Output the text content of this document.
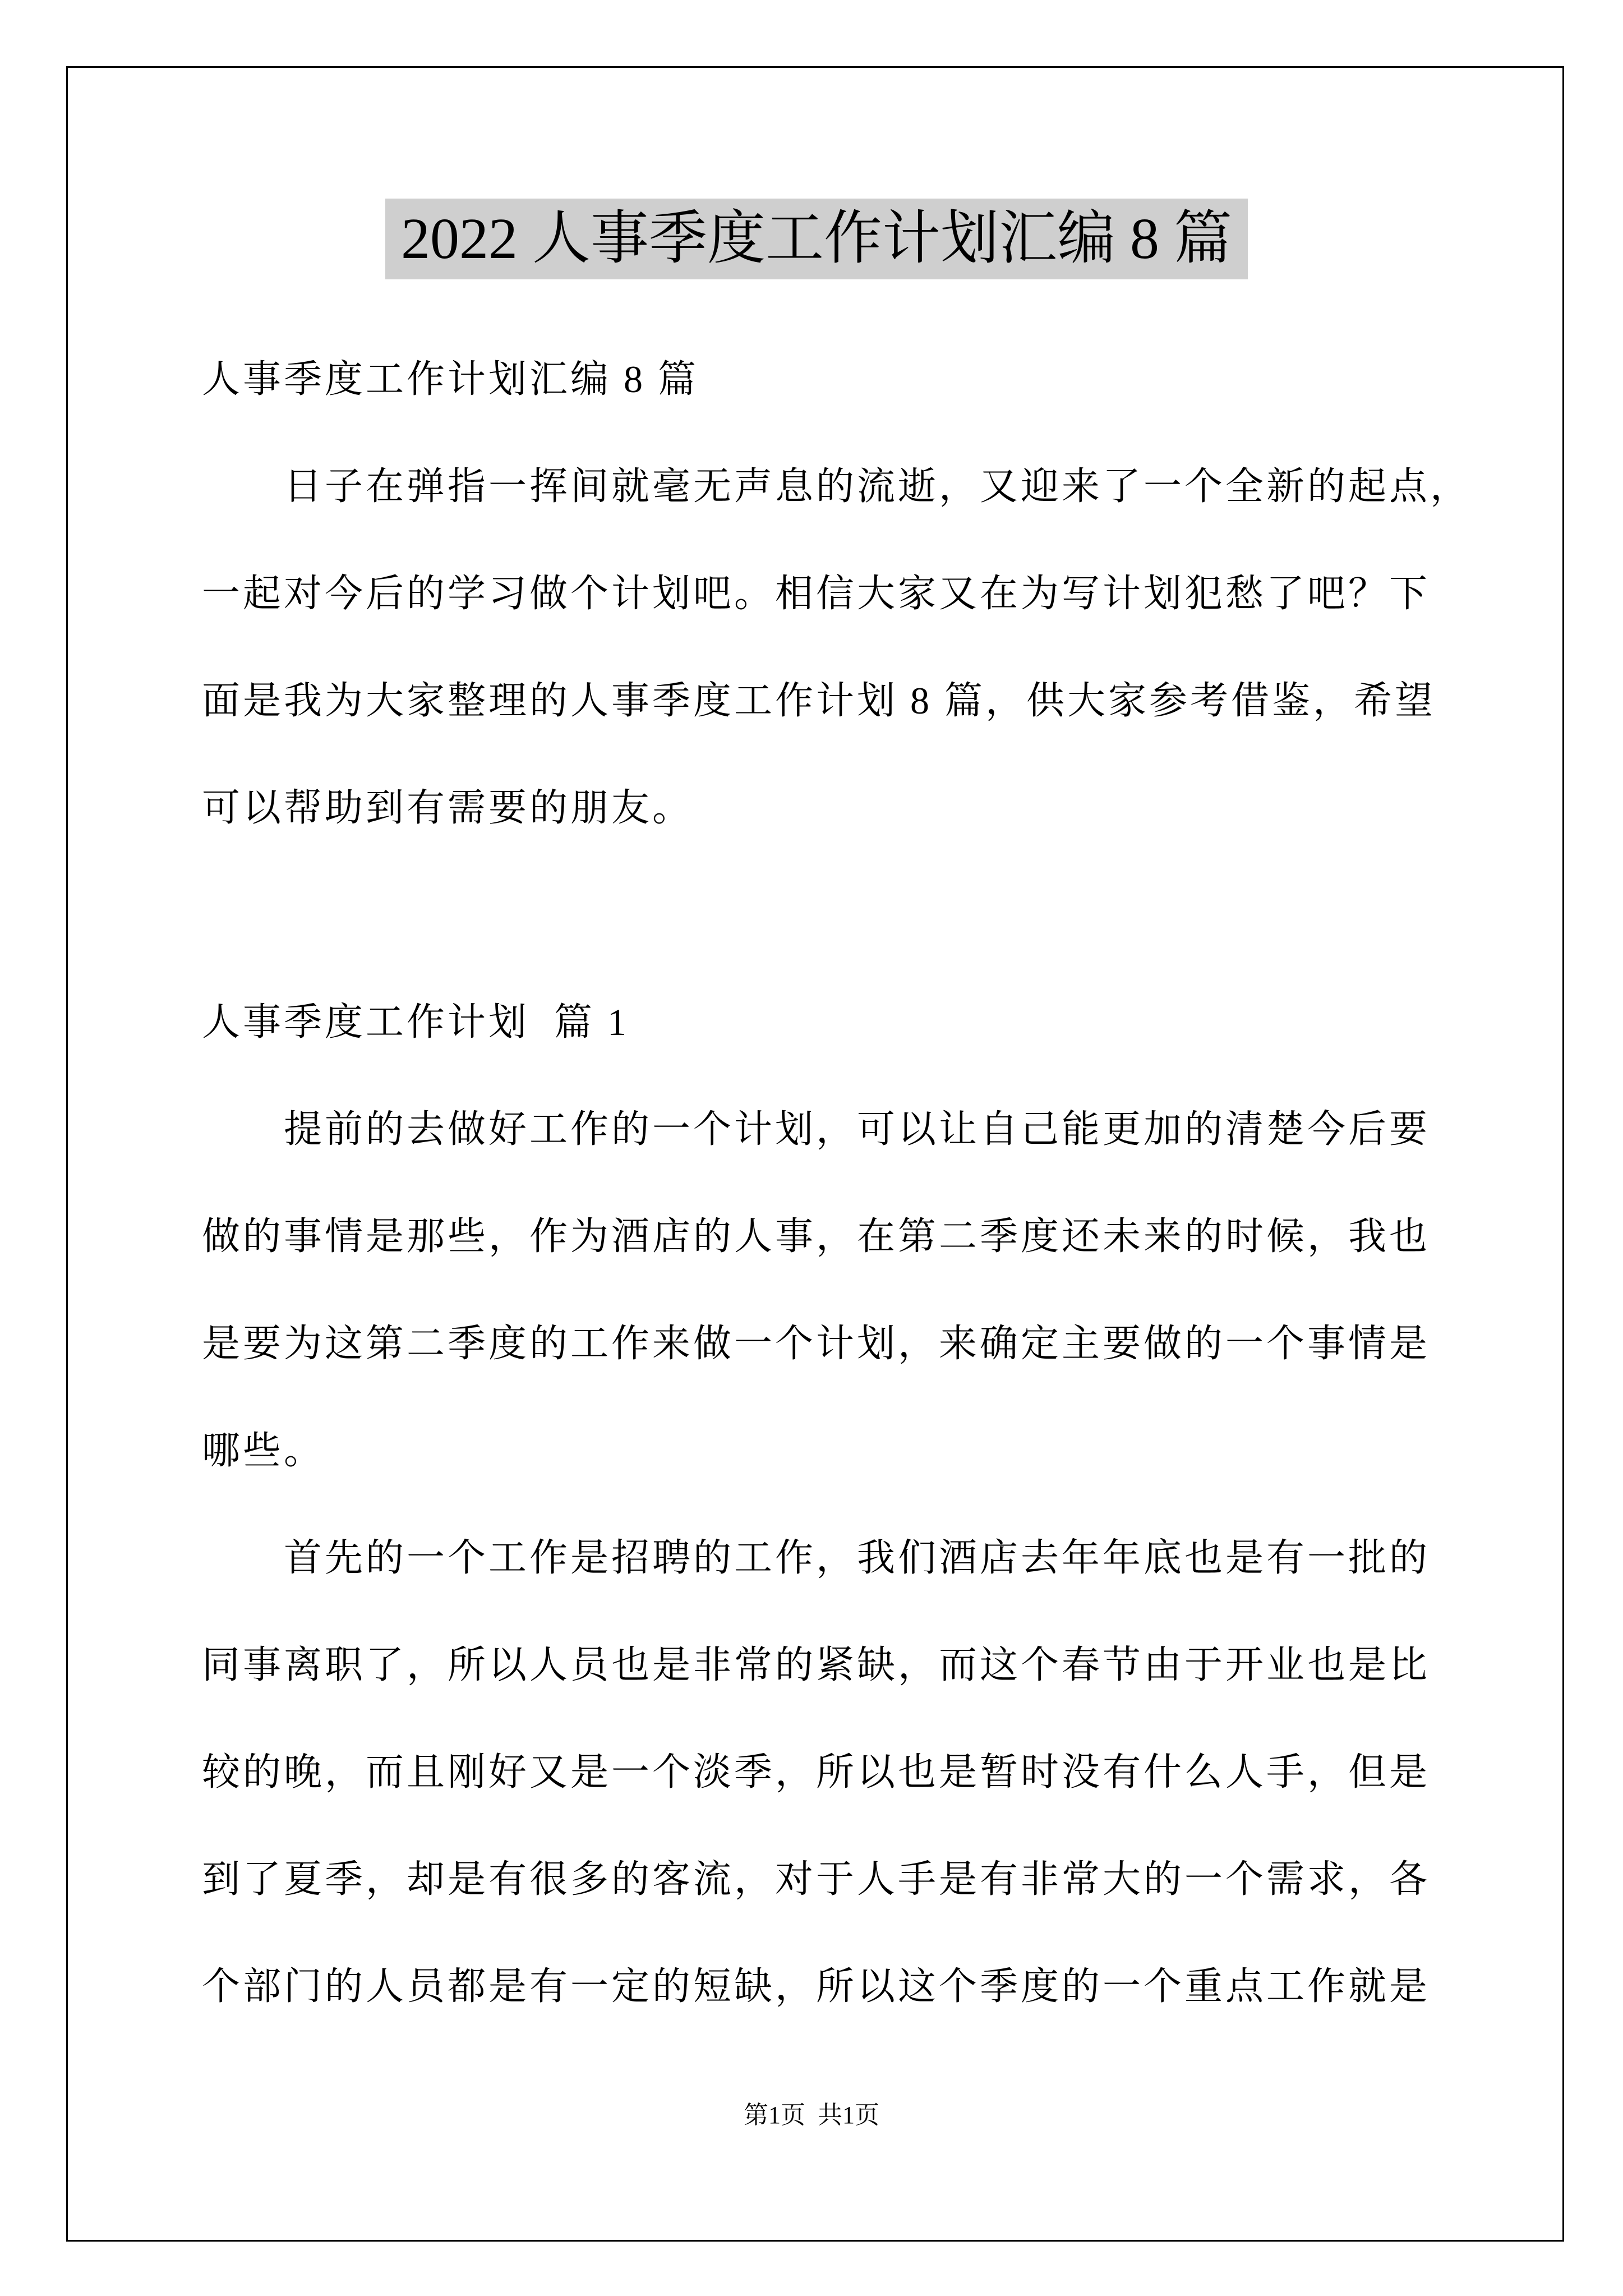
2022 人事季度工作计划汇编 8 篇
人事季度工作计划汇编 8 篇
日子在弹指一挥间就毫无声息的流逝，又迎来了一个全新的起点，
一起对今后的学习做个计划吧。相信大家又在为写计划犯愁了吧？下
面是我为大家整理的人事季度工作计划 8 篇，供大家参考借鉴，希望
可以帮助到有需要的朋友。
人事季度工作计划  篇 1
提前的去做好工作的一个计划，可以让自己能更加的清楚今后要
做的事情是那些，作为酒店的人事，在第二季度还未来的时候，我也
是要为这第二季度的工作来做一个计划，来确定主要做的一个事情是
哪些。
首先的一个工作是招聘的工作，我们酒店去年年底也是有一批的
同事离职了，所以人员也是非常的紧缺，而这个春节由于开业也是比
较的晚，而且刚好又是一个淡季，所以也是暂时没有什么人手，但是
到了夏季，却是有很多的客流，对于人手是有非常大的一个需求，各
个部门的人员都是有一定的短缺，所以这个季度的一个重点工作就是
第1页  共1页
